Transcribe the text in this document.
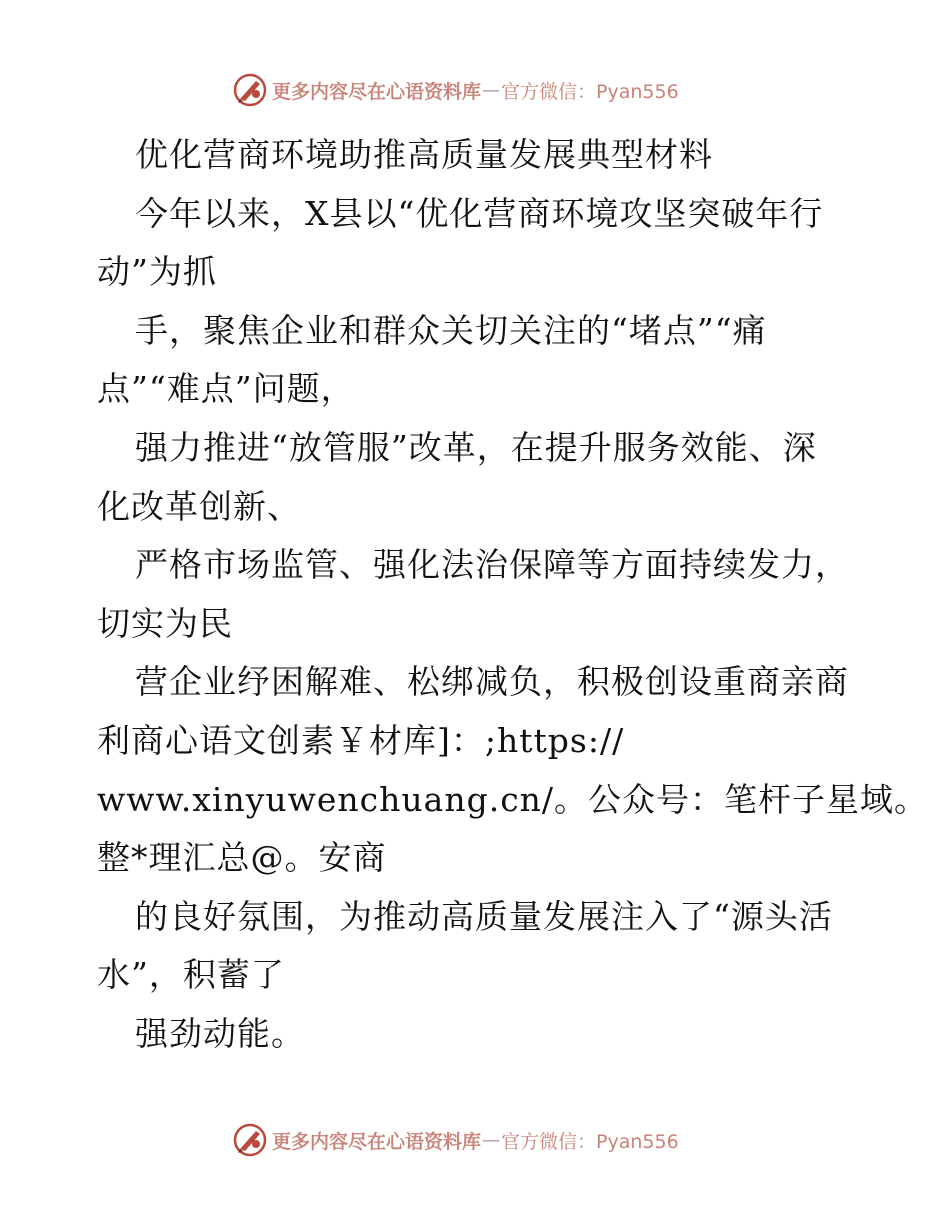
更多内容尽在心语资料库 — 官方微信：Pyan556
优化营商环境助推高质量发展典型材料
今年以来，X县以“优化营商环境攻坚突破年行
动”为抓
手，聚焦企业和群众关切关注的“堵点”“痛
点”“难点”问题，
强力推进“放管服”改革，在提升服务效能、深
化改革创新、
严格市场监管、强化法治保障等方面持续发力，
切实为民
营企业纾困解难、松绑减负，积极创设重商亲商
利商心语文创素￥材库]：;https://
www.xinyuwenchuang.cn/。公众号：笔杆子星域。
整*理汇总@。安商
的良好氛围，为推动高质量发展注入了“源头活
水”，积蓄了
强劲动能。
更多内容尽在心语资料库 — 官方微信：Pyan556
